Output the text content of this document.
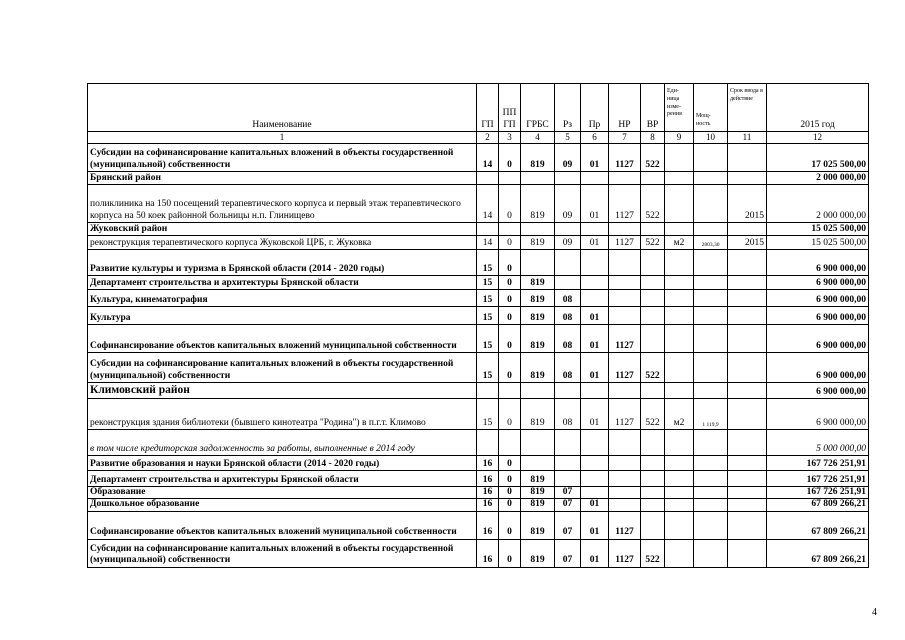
Наименование	ГП	ПП ГП	ГРБС	Рз	Пр	НР	ВР	Еди-ница изме-рения	Мощ-ность	Срок ввода в действие	2015 год
1	2	3	4	5	6	7	8	9	10	11	12
Субсидии на софинансирование капитальных вложений в объекты государственной (муниципальной) собственности	14	0	819	09	01	1127	522				17 025 500,00
Брянский район											2 000 000,00
поликлиника на 150 посещений терапевтического корпуса и первый этаж терапевтического корпуса на 50 коек районной больницы н.п. Глинищево	14	0	819	09	01	1127	522			2015	2 000 000,00
Жуковский район											15 025 500,00
реконструкция терапевтического корпуса Жуковской ЦРБ, г. Жуковка	14	0	819	09	01	1127	522	м2	2803,30	2015	15 025 500,00
Развитие культуры и туризма в Брянской области (2014 - 2020 годы)	15	0									6 900 000,00
Департамент строительства и архитектуры Брянской области	15	0	819								6 900 000,00
Культура, кинематография	15	0	819	08							6 900 000,00
Культура	15	0	819	08	01						6 900 000,00
Софинансирование объектов капитальных вложений муниципальной собственности	15	0	819	08	01	1127					6 900 000,00
Субсидии на софинансирование капитальных вложений в объекты государственной (муниципальной) собственности	15	0	819	08	01	1127	522				6 900 000,00
Климовский район											6 900 000,00
реконструкция здания библиотеки (бывшего кинотеатра "Родина") в п.г.т. Климово	15	0	819	08	01	1127	522	м2	1 119,9		6 900 000,00
в том числе кредиторская задолженность за работы, выполненные в 2014 году											5 000 000,00
Развитие образования и науки Брянской области (2014 - 2020 годы)	16	0									167 726 251,91
Департамент строительства и архитектуры Брянской области	16	0	819								167 726 251,91
Образование	16	0	819	07							167 726 251,91
Дошкольное образование	16	0	819	07	01						67 809 266,21
Софинансирование объектов капитальных вложений муниципальной собственности	16	0	819	07	01	1127					67 809 266,21
Субсидии на софинансирование капитальных вложений в объекты государственной (муниципальной) собственности	16	0	819	07	01	1127	522				67 809 266,21
4
